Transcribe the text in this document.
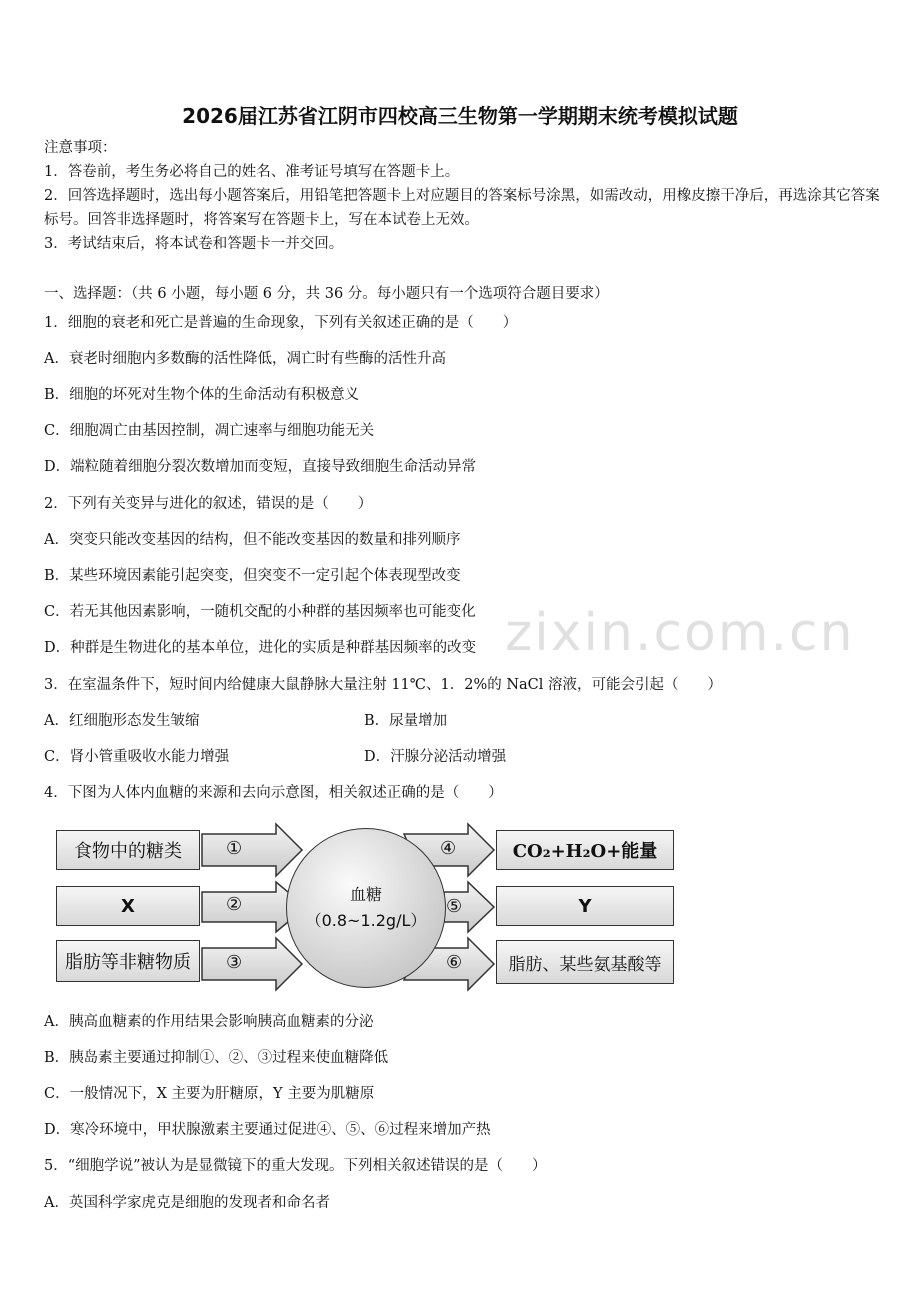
2026届江苏省江阴市四校高三生物第一学期期末统考模拟试题
注意事项：
1．答卷前，考生务必将自己的姓名、准考证号填写在答题卡上。
2．回答选择题时，选出每小题答案后，用铅笔把答题卡上对应题目的答案标号涂黑，如需改动，用橡皮擦干净后，再选涂其它答案标号。回答非选择题时，将答案写在答题卡上，写在本试卷上无效。
3．考试结束后，将本试卷和答题卡一并交回。
一、选择题：（共 6 小题，每小题 6 分，共 36 分。每小题只有一个选项符合题目要求）
1．细胞的衰老和死亡是普遍的生命现象，下列有关叙述正确的是（　　）
A．衰老时细胞内多数酶的活性降低，凋亡时有些酶的活性升高
B．细胞的坏死对生物个体的生命活动有积极意义
C．细胞凋亡由基因控制，凋亡速率与细胞功能无关
D．端粒随着细胞分裂次数增加而变短，直接导致细胞生命活动异常
2．下列有关变异与进化的叙述，错误的是（　　）
A．突变只能改变基因的结构，但不能改变基因的数量和排列顺序
B．某些环境因素能引起突变，但突变不一定引起个体表现型改变
C．若无其他因素影响，一随机交配的小种群的基因频率也可能变化
D．种群是生物进化的基本单位，进化的实质是种群基因频率的改变 zixin.com.cn
3．在室温条件下，短时间内给健康大鼠静脉大量注射 11℃、1．2%的 NaCl 溶液，可能会引起（　　）
A．红细胞形态发生皱缩	B．尿量增加
C．肾小管重吸收水能力增强	D．汗腺分泌活动增强
4．下图为人体内血糖的来源和去向示意图，相关叙述正确的是（　　）
食物中的糖类
X
脂肪等非糖物质
①
②
③
血糖
（0.8~1.2g/L）
④
⑤
⑥
CO₂+H₂O+能量
Y
脂肪、某些氨基酸等
A．胰高血糖素的作用结果会影响胰高血糖素的分泌
B．胰岛素主要通过抑制①、②、③过程来使血糖降低
C．一般情况下，X 主要为肝糖原，Y 主要为肌糖原
D．寒冷环境中，甲状腺激素主要通过促进④、⑤、⑥过程来增加产热
5．“细胞学说”被认为是显微镜下的重大发现。下列相关叙述错误的是（　　）
A．英国科学家虎克是细胞的发现者和命名者
